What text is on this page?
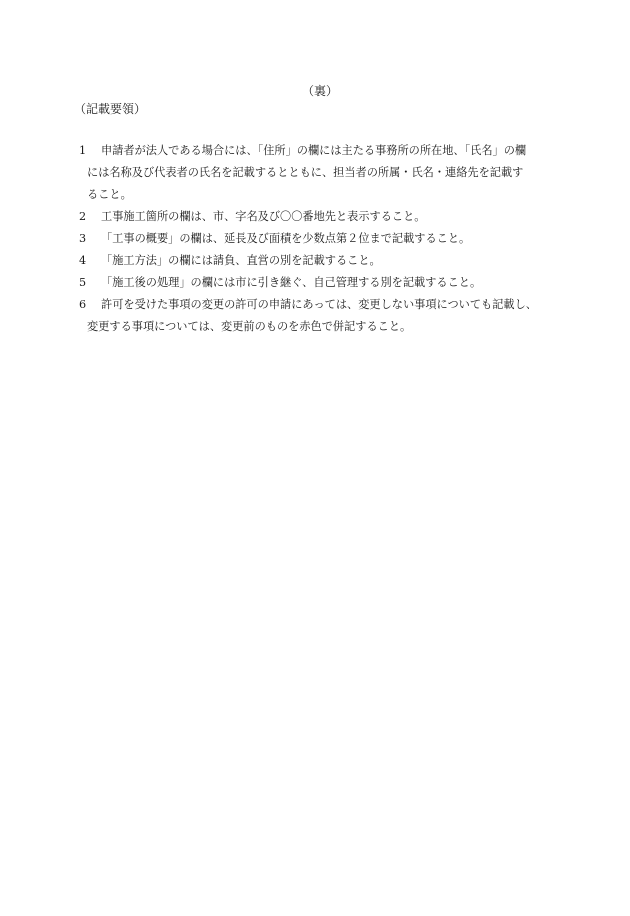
（裏）
（記載要領）
1	申請者が法人である場合には、「住所」の欄には主たる事務所の所在地、「氏名」の欄
には名称及び代表者の氏名を記載するとともに、担当者の所属・氏名・連絡先を記載す
ること。
2	工事施工箇所の欄は、市、字名及び〇〇番地先と表示すること。
3	「工事の概要」の欄は、延長及び面積を少数点第２位まで記載すること。
4	「施工方法」の欄には請負、直営の別を記載すること。
5	「施工後の処理」の欄には市に引き継ぐ、自己管理する別を記載すること。
6	許可を受けた事項の変更の許可の申請にあっては、変更しない事項についても記載し、
変更する事項については、変更前のものを赤色で併記すること。
